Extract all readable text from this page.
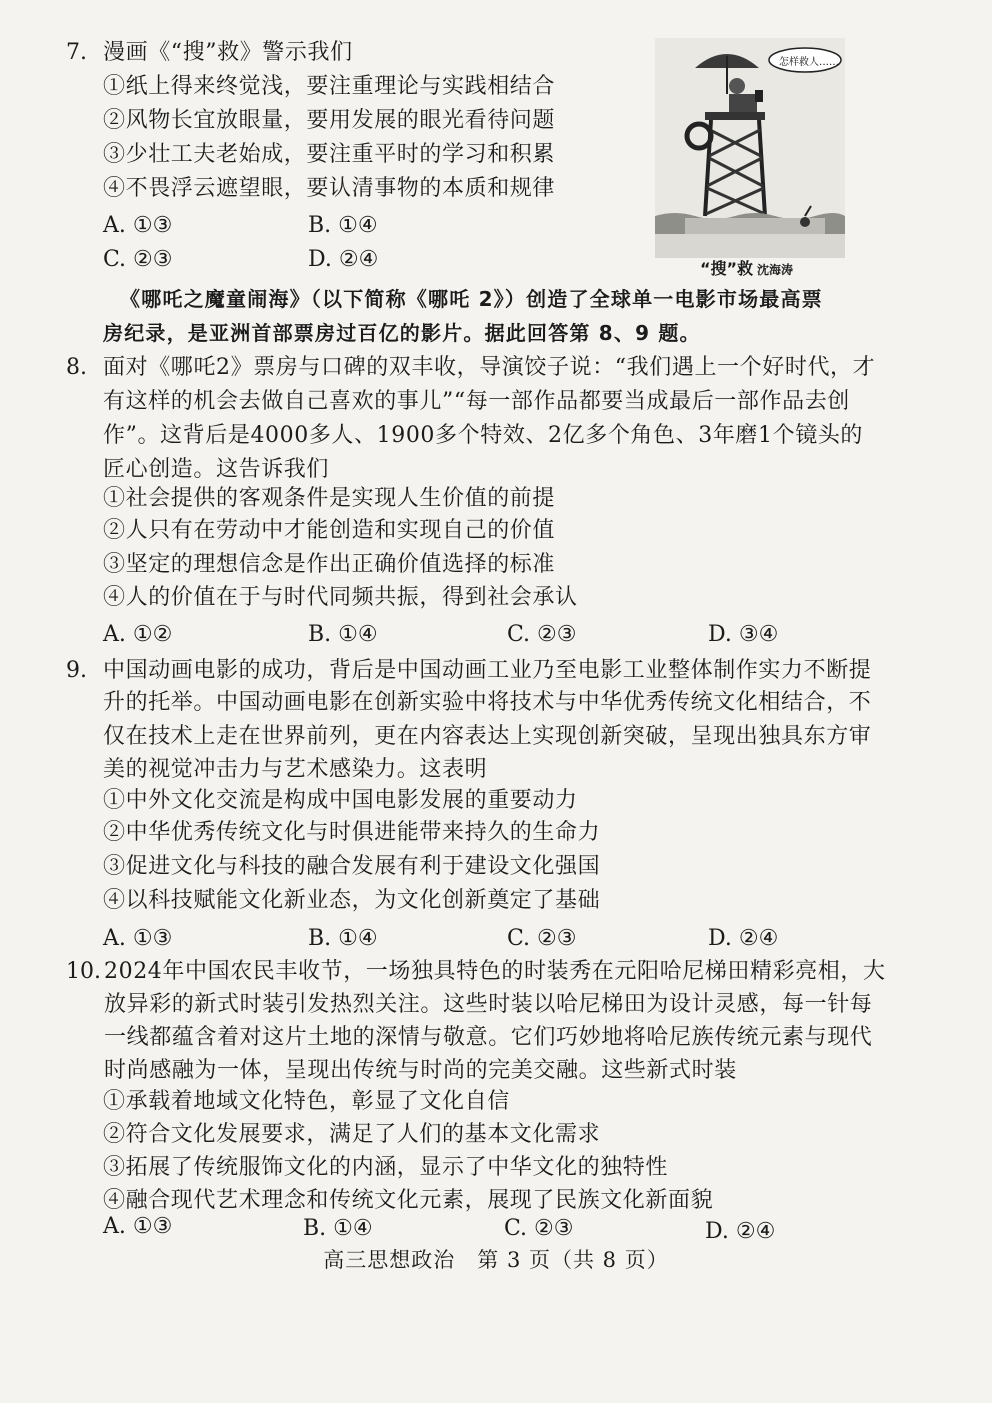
7. 漫画《“搜”救》警示我们
①纸上得来终觉浅，要注重理论与实践相结合
②风物长宜放眼量，要用发展的眼光看待问题
③少壮工夫老始成，要注重平时的学习和积累
④不畏浮云遮望眼，要认清事物的本质和规律
A. ①③	B. ①④
C. ②③	D. ②④
怎样救人……
“搜”救 沈海涛
《哪吒之魔童闹海》（以下简称《哪吒 2》）创造了全球单一电影市场最高票
房纪录，是亚洲首部票房过百亿的影片。据此回答第 8、9 题。
8. 面对《哪吒2》票房与口碑的双丰收，导演饺子说：“我们遇上一个好时代，才
有这样的机会去做自己喜欢的事儿”“每一部作品都要当成最后一部作品去创
作”。这背后是4000多人、1900多个特效、2亿多个角色、3年磨1个镜头的
匠心创造。这告诉我们
①社会提供的客观条件是实现人生价值的前提
②人只有在劳动中才能创造和实现自己的价值
③坚定的理想信念是作出正确价值选择的标准
④人的价值在于与时代同频共振，得到社会承认
A. ①②	B. ①④	C. ②③	D. ③④
9. 中国动画电影的成功，背后是中国动画工业乃至电影工业整体制作实力不断提
升的托举。中国动画电影在创新实验中将技术与中华优秀传统文化相结合，不
仅在技术上走在世界前列，更在内容表达上实现创新突破，呈现出独具东方审
美的视觉冲击力与艺术感染力。这表明
①中外文化交流是构成中国电影发展的重要动力
②中华优秀传统文化与时俱进能带来持久的生命力
③促进文化与科技的融合发展有利于建设文化强国
④以科技赋能文化新业态，为文化创新奠定了基础
A. ①③	B. ①④	C. ②③	D. ②④
10. 2024年中国农民丰收节，一场独具特色的时装秀在元阳哈尼梯田精彩亮相，大
放异彩的新式时装引发热烈关注。这些时装以哈尼梯田为设计灵感，每一针每
一线都蕴含着对这片土地的深情与敬意。它们巧妙地将哈尼族传统元素与现代
时尚感融为一体，呈现出传统与时尚的完美交融。这些新式时装
①承载着地域文化特色，彰显了文化自信
②符合文化发展要求，满足了人们的基本文化需求
③拓展了传统服饰文化的内涵，显示了中华文化的独特性
④融合现代艺术理念和传统文化元素，展现了民族文化新面貌
A. ①③	B. ①④	C. ②③	D. ②④
高三思想政治　第 3 页（共 8 页）
